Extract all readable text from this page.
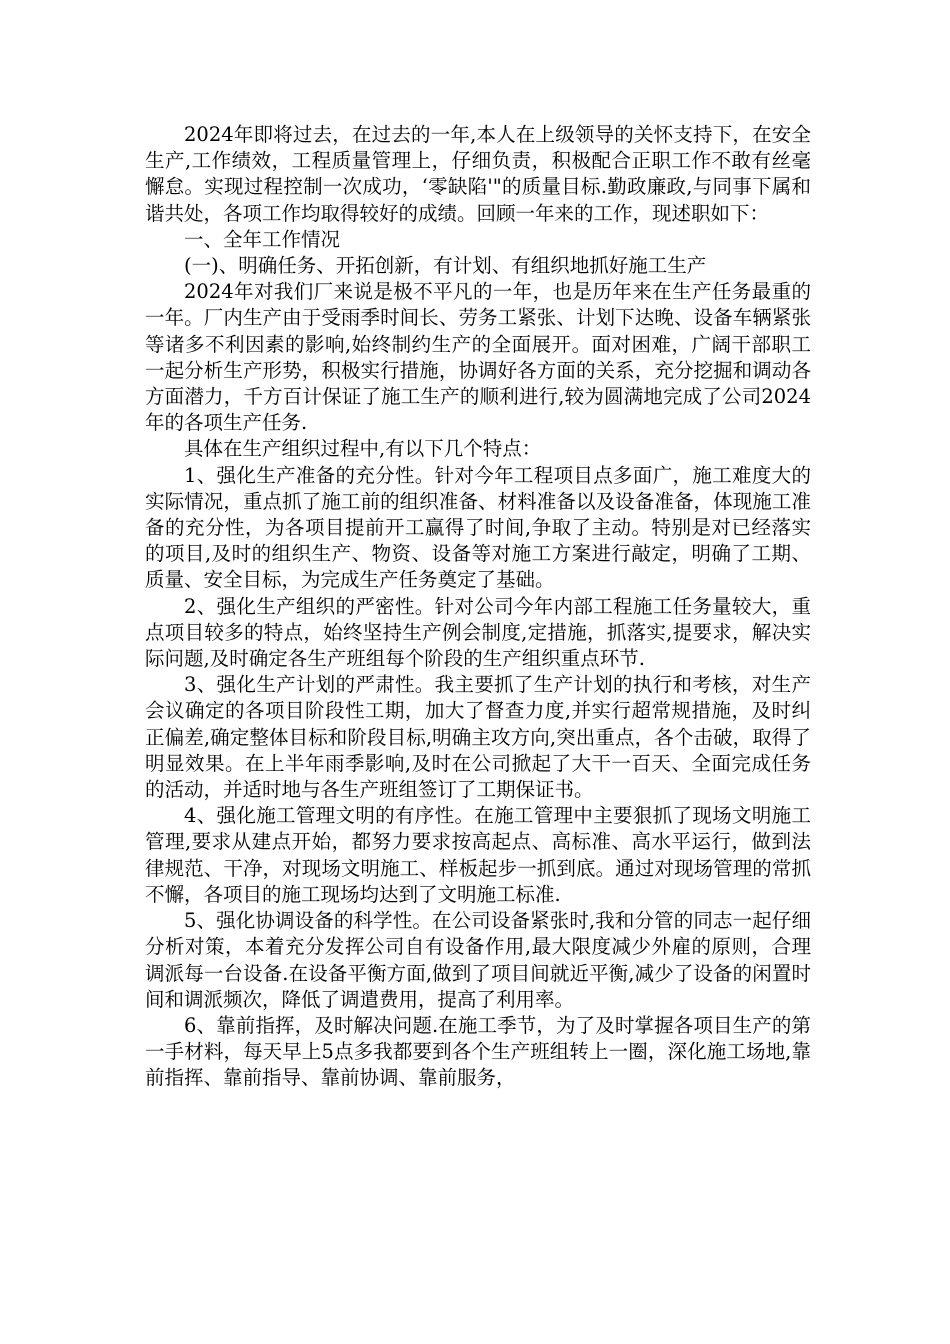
2024年即将过去，在过去的一年,本人在上级领导的关怀支持下，在安全生产,工作绩效，工程质量管理上，仔细负责，积极配合正职工作不敢有丝毫懈怠。实现过程控制一次成功，‘零缺陷'"的质量目标.勤政廉政,与同事下属和谐共处，各项工作均取得较好的成绩。回顾一年来的工作，现述职如下：

一、全年工作情况

(一)、明确任务、开拓创新，有计划、有组织地抓好施工生产

2024年对我们厂来说是极不平凡的一年，也是历年来在生产任务最重的一年。厂内生产由于受雨季时间长、劳务工紧张、计划下达晚、设备车辆紧张等诸多不利因素的影响,始终制约生产的全面展开。面对困难，广阔干部职工一起分析生产形势，积极实行措施，协调好各方面的关系，充分挖掘和调动各方面潜力，千方百计保证了施工生产的顺利进行,较为圆满地完成了公司2024年的各项生产任务.

具体在生产组织过程中,有以下几个特点：

1、强化生产准备的充分性。针对今年工程项目点多面广，施工难度大的实际情况，重点抓了施工前的组织准备、材料准备以及设备准备，体现施工准备的充分性，为各项目提前开工赢得了时间,争取了主动。特别是对已经落实的项目,及时的组织生产、物资、设备等对施工方案进行敲定，明确了工期、质量、安全目标，为完成生产任务奠定了基础。

2、强化生产组织的严密性。针对公司今年内部工程施工任务量较大，重点项目较多的特点，始终坚持生产例会制度,定措施，抓落实,提要求，解决实际问题,及时确定各生产班组每个阶段的生产组织重点环节.

3、强化生产计划的严肃性。我主要抓了生产计划的执行和考核，对生产会议确定的各项目阶段性工期，加大了督查力度,并实行超常规措施，及时纠正偏差,确定整体目标和阶段目标,明确主攻方向,突出重点，各个击破，取得了明显效果。在上半年雨季影响,及时在公司掀起了大干一百天、全面完成任务的活动，并适时地与各生产班组签订了工期保证书。

4、强化施工管理文明的有序性。在施工管理中主要狠抓了现场文明施工管理,要求从建点开始，都努力要求按高起点、高标准、高水平运行，做到法律规范、干净，对现场文明施工、样板起步一抓到底。通过对现场管理的常抓不懈，各项目的施工现场均达到了文明施工标准.

5、强化协调设备的科学性。在公司设备紧张时,我和分管的同志一起仔细分析对策，本着充分发挥公司自有设备作用,最大限度减少外雇的原则，合理调派每一台设备.在设备平衡方面,做到了项目间就近平衡,减少了设备的闲置时间和调派频次，降低了调遣费用，提高了利用率。

6、靠前指挥，及时解决问题.在施工季节，为了及时掌握各项目生产的第一手材料，每天早上5点多我都要到各个生产班组转上一圈，深化施工场地,靠前指挥、靠前指导、靠前协调、靠前服务，
